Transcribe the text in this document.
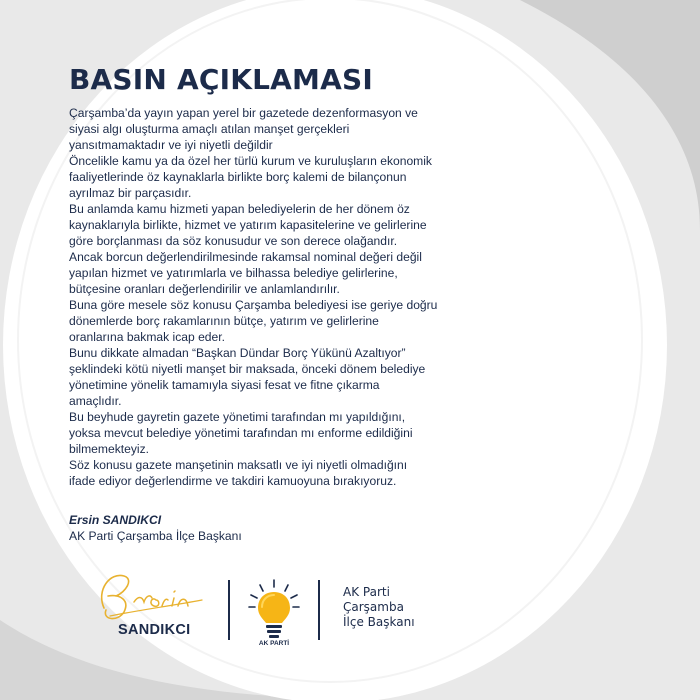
BASIN AÇIKLAMASI

Çarşamba’da yayın yapan yerel bir gazetede dezenformasyon ve

siyasi algı oluşturma amaçlı atılan manşet gerçekleri

yansıtmamaktadır ve iyi niyetli değildir

Öncelikle kamu ya da özel her türlü kurum ve kuruluşların ekonomik

faaliyetlerinde öz kaynaklarla birlikte borç kalemi de bilançonun

ayrılmaz bir parçasıdır.

Bu anlamda kamu hizmeti yapan belediyelerin de her dönem öz

kaynaklarıyla birlikte, hizmet ve yatırım kapasitelerine ve gelirlerine

göre borçlanması da söz konusudur ve son derece olağandır.

Ancak borcun değerlendirilmesinde rakamsal nominal değeri değil

yapılan hizmet ve yatırımlarla ve bilhassa belediye gelirlerine,

bütçesine oranları değerlendirilir ve anlamlandırılır.

Buna göre mesele söz konusu Çarşamba belediyesi ise geriye doğru

dönemlerde borç rakamlarının bütçe, yatırım ve gelirlerine

oranlarına bakmak icap eder.

Bunu dikkate almadan “Başkan Dündar Borç Yükünü Azaltıyor”

şeklindeki kötü niyetli manşet bir maksada, önceki dönem belediye

yönetimine yönelik tamamıyla siyasi fesat ve fitne çıkarma

amaçlıdır.

Bu beyhude gayretin gazete yönetimi tarafından mı yapıldığını,

yoksa mevcut belediye yönetimi tarafından mı enforme edildiğini

bilmemekteyiz.

Söz konusu gazete manşetinin maksatlı ve iyi niyetli olmadığını

ifade ediyor değerlendirme ve takdiri kamuoyuna bırakıyoruz.

Ersin SANDIKCI
AK Parti Çarşamba İlçe Başkanı
SANDIKCI
AK PARTİ
AK Parti
Çarşamba
İlçe Başkanı
